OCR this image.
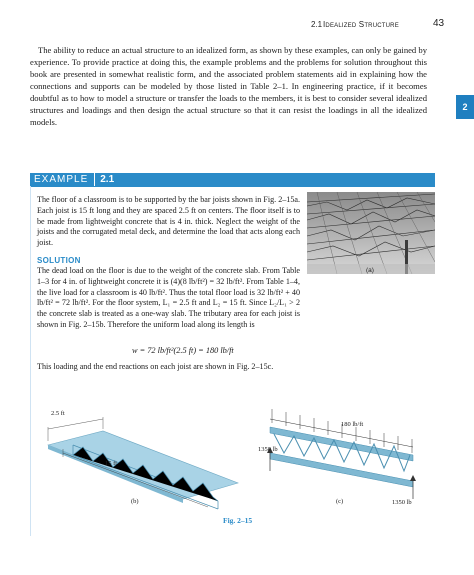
2.1 Idealized Structure	43
2

The ability to reduce an actual structure to an idealized form, as shown by these examples, can only be gained by experience. To provide practice at doing this, the example problems and the problems for solution throughout this book are presented in somewhat realistic form, and the associated problem statements aid in explaining how the connections and supports can be modeled by those listed in Table 2–1. In engineering practice, if it becomes doubtful as to how to model a structure or transfer the loads to the members, it is best to consider several idealized structures and loadings and then design the actual structure so that it can resist the loadings in all the idealized models.

EXAMPLE 2.1

The floor of a classroom is to be supported by the bar joists shown in Fig. 2–15a. Each joist is 15 ft long and they are spaced 2.5 ft on centers. The floor itself is to be made from lightweight concrete that is 4 in. thick. Neglect the weight of the joists and the corrugated metal deck, and determine the load that acts along each joist.

SOLUTION

The dead load on the floor is due to the weight of the concrete slab. From Table 1–3 for 4 in. of lightweight concrete it is (4)(8 lb/ft²) = 32 lb/ft². From Table 1–4, the live load for a classroom is 40 lb/ft². Thus the total floor load is 32 lb/ft² + 40 lb/ft² = 72 lb/ft². For the floor system, L₁ = 2.5 ft and L₂ = 15 ft. Since L₂/L₁ > 2 the concrete slab is treated as a one-way slab. The tributary area for each joist is shown in Fig. 2–15b. Therefore the uniform load along its length is

w = 72 lb/ft²(2.5 ft) = 180 lb/ft

This loading and the end reactions on each joist are shown in Fig. 2–15c.

(a)
2.5 ft
15 ft
180 lb/ft
1350 lb
1350 lb
(b)	(c)
Fig. 2–15
